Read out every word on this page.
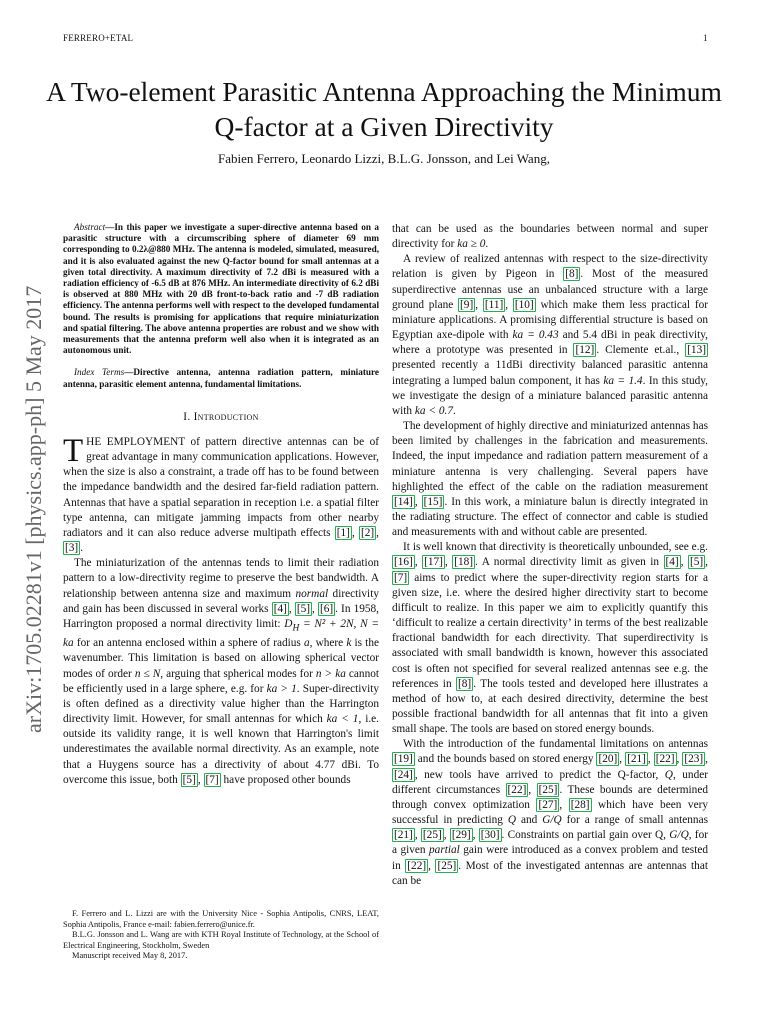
FERRERO+ETAL	1
arXiv:1705.02281v1 [physics.app-ph] 5 May 2017
A Two-element Parasitic Antenna Approaching the Minimum Q-factor at a Given Directivity
Fabien Ferrero, Leonardo Lizzi, B.L.G. Jonsson, and Lei Wang,

Abstract—In this paper we investigate a super-directive antenna based on a parasitic structure with a circumscribing sphere of diameter 69 mm corresponding to 0.2λ@880 MHz. The antenna is modeled, simulated, measured, and it is also evaluated against the new Q-factor bound for small antennas at a given total directivity. A maximum directivity of 7.2 dBi is measured with a radiation efficiency of -6.5 dB at 876 MHz. An intermediate directivity of 6.2 dBi is observed at 880 MHz with 20 dB front-to-back ratio and -7 dB radiation efficiency. The antenna performs well with respect to the developed fundamental bound. The results is promising for applications that require miniaturization and spatial filtering. The above antenna properties are robust and we show with measurements that the antenna preform well also when it is integrated as an autonomous unit.

Index Terms—Directive antenna, antenna radiation pattern, miniature antenna, parasitic element antenna, fundamental limitations.

I. Introduction

THE EMPLOYMENT of pattern directive antennas can be of great advantage in many communication applications. However, when the size is also a constraint, a trade off has to be found between the impedance bandwidth and the desired far-field radiation pattern. Antennas that have a spatial separation in reception i.e. a spatial filter type antenna, can mitigate jamming impacts from other nearby radiators and it can also reduce adverse multipath effects [1] , [2] , [3] .

The miniaturization of the antennas tends to limit their radiation pattern to a low-directivity regime to preserve the best bandwidth. A relationship between antenna size and maximum normal directivity and gain has been discussed in several works [4] , [5] , [6] . In 1958, Harrington proposed a normal directivity limit: $D_H = N^2 + 2N$, N = ka for an antenna enclosed within a sphere of radius a, where k is the wavenumber. This limitation is based on allowing spherical vector modes of order n ≤ N, arguing that spherical modes for n > ka cannot be efficiently used in a large sphere, e.g. for ka > 1. Super-directivity is often defined as a directivity value higher than the Harrington directivity limit. However, for small antennas for which ka < 1, i.e. outside its validity range, it is well known that Harrington's limit underestimates the available normal directivity. As an example, note that a Huygens source has a directivity of about 4.77 dBi. To overcome this issue, both [5] , [7] have proposed other bounds

F. Ferrero and L. Lizzi are with the University Nice - Sophia Antipolis, CNRS, LEAT, Sophia Antipolis, France e-mail: fabien.ferrero@unice.fr.

B.L.G. Jonsson and L. Wang are with KTH Royal Institute of Technology, at the School of Electrical Engineering, Stockholm, Sweden

Manuscript received May 8, 2017.

that can be used as the boundaries between normal and super directivity for ka ≥ 0.

A review of realized antennas with respect to the size-directivity relation is given by Pigeon in [8] . Most of the measured superdirective antennas use an unbalanced structure with a large ground plane [9] , [11] , [10] which make them less practical for miniature applications. A promising differential structure is based on Egyptian axe-dipole with ka = 0.43 and 5.4 dBi in peak directivity, where a prototype was presented in [12] . Clemente et.al., [13] presented recently a 11dBi directivity balanced parasitic antenna integrating a lumped balun component, it has ka = 1.4. In this study, we investigate the design of a miniature balanced parasitic antenna with ka < 0.7.

The development of highly directive and miniaturized antennas has been limited by challenges in the fabrication and measurements. Indeed, the input impedance and radiation pattern measurement of a miniature antenna is very challenging. Several papers have highlighted the effect of the cable on the radiation measurement [14] , [15] . In this work, a miniature balun is directly integrated in the radiating structure. The effect of connector and cable is studied and measurements with and without cable are presented.

It is well known that directivity is theoretically unbounded, see e.g. [16] , [17] , [18] . A normal directivity limit as given in [4] , [5] , [7] aims to predict where the super-directivity region starts for a given size, i.e. where the desired higher directivity start to become difficult to realize. In this paper we aim to explicitly quantify this ‘difficult to realize a certain directivity’ in terms of the best realizable fractional bandwidth for each directivity. That superdirectivity is associated with small bandwidth is known, however this associated cost is often not specified for several realized antennas see e.g. the references in [8] . The tools tested and developed here illustrates a method of how to, at each desired directivity, determine the best possible fractional bandwidth for all antennas that fit into a given small shape. The tools are based on stored energy bounds.

With the introduction of the fundamental limitations on antennas [19] and the bounds based on stored energy [20] , [21] , [22] , [23] , [24] , new tools have arrived to predict the Q-factor, Q, under different circumstances [22] , [25] . These bounds are determined through convex optimization [27] , [28] which have been very successful in predicting Q and G/Q for a range of small antennas [21] , [25] , [29] , [30] . Constraints on partial gain over Q, G/Q, for a given partial gain were introduced as a convex problem and tested in [22] , [25] . Most of the investigated antennas are antennas that can be
